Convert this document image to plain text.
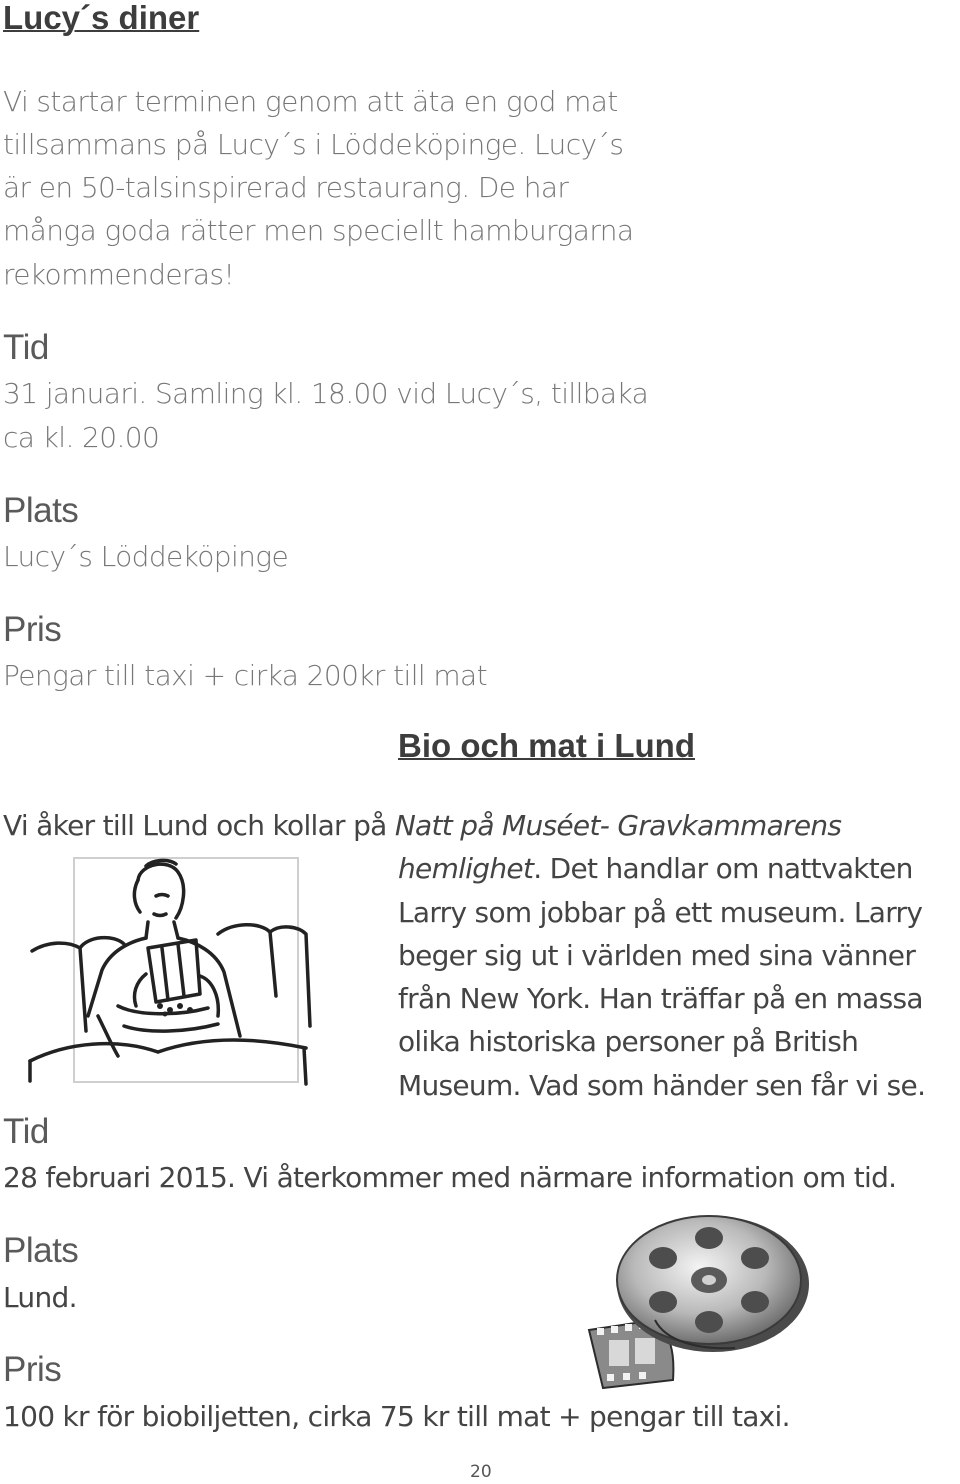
Lucy´s diner

Vi startar terminen genom att äta en god mat

tillsammans på Lucy´s i Löddeköpinge. Lucy´s

är en 50-talsinspirerad restaurang. De har

många goda rätter men speciellt hamburgarna

rekommenderas!

Tid

31 januari. Samling kl. 18.00 vid Lucy´s, tillbaka

ca kl. 20.00

Plats

Lucy´s Löddeköpinge

Pris

Pengar till taxi + cirka 200kr till mat

Bio och mat i Lund

Vi åker till Lund och kollar på Natt på Muséet- Gravkammarens

hemlighet. Det handlar om nattvakten

Larry som jobbar på ett museum. Larry

beger sig ut i världen med sina vänner

från New York. Han träffar på en massa

olika historiska personer på British

Museum. Vad som händer sen får vi se.

Tid

28 februari 2015. Vi återkommer med närmare information om tid.

Plats

Lund.

Pris

100 kr för biobiljetten, cirka 75 kr till mat + pengar till taxi.

20
